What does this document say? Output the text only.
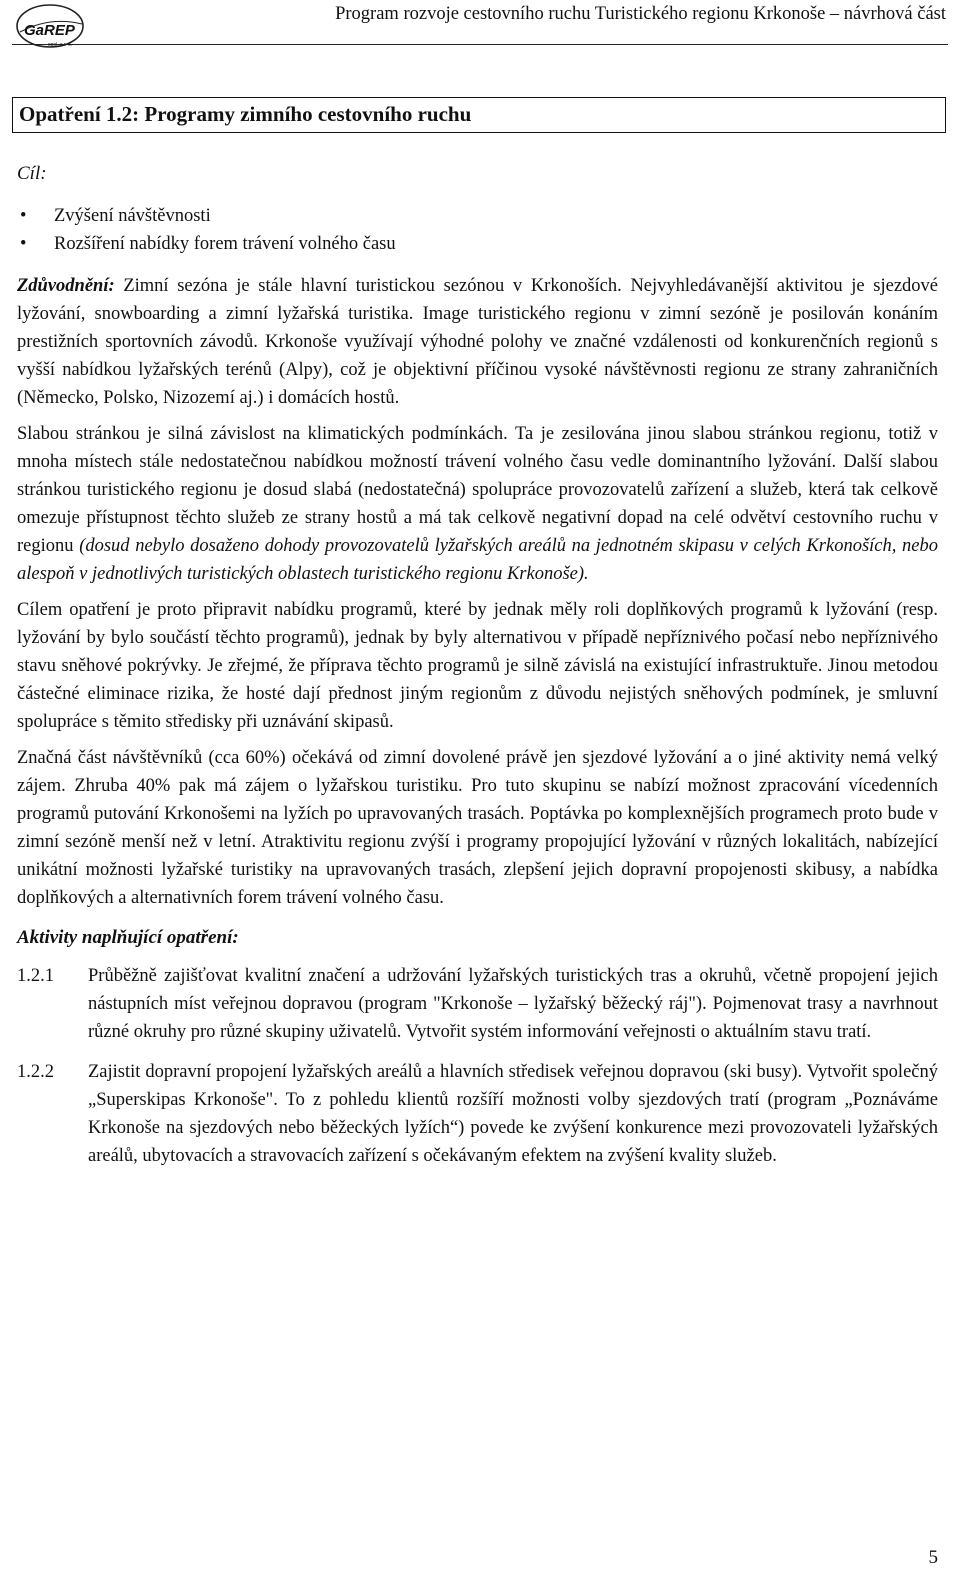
GaREP
spol. s r. o.
Program rozvoje cestovního ruchu Turistického regionu Krkonoše – návrhová část
Opatření 1.2: Programy zimního cestovního ruchu
Cíl:
• Zvýšení návštěvnosti
• Rozšíření nabídky forem trávení volného času

Zdůvodnění: Zimní sezóna je stále hlavní turistickou sezónou v Krkonoších. Nejvyhledávanější aktivitou je sjezdové lyžování, snowboarding a zimní lyžařská turistika. Image turistického regionu v zimní sezóně je posilován konáním prestižních sportovních závodů. Krkonoše využívají výhodné polohy ve značné vzdálenosti od konkurenčních regionů s vyšší nabídkou lyžařských terénů (Alpy), což je objektivní příčinou vysoké návštěvnosti regionu ze strany zahraničních (Německo, Polsko, Nizozemí aj.) i domácích hostů.

Slabou stránkou je silná závislost na klimatických podmínkách. Ta je zesilována jinou slabou stránkou regionu, totiž v mnoha místech stále nedostatečnou nabídkou možností trávení volného času vedle dominantního lyžování. Další slabou stránkou turistického regionu je dosud slabá (nedostatečná) spolupráce provozovatelů zařízení a služeb, která tak celkově omezuje přístupnost těchto služeb ze strany hostů a má tak celkově negativní dopad na celé odvětví cestovního ruchu v regionu (dosud nebylo dosaženo dohody provozovatelů lyžařských areálů na jednotném skipasu v celých Krkonoších, nebo alespoň v jednotlivých turistických oblastech turistického regionu Krkonoše).

Cílem opatření je proto připravit nabídku programů, které by jednak měly roli doplňkových programů k lyžování (resp. lyžování by bylo součástí těchto programů), jednak by byly alternativou v případě nepříznivého počasí nebo nepříznivého stavu sněhové pokrývky. Je zřejmé, že příprava těchto programů je silně závislá na existující infrastruktuře. Jinou metodou částečné eliminace rizika, že hosté dají přednost jiným regionům z důvodu nejistých sněhových podmínek, je smluvní spolupráce s těmito středisky při uznávání skipasů.

Značná část návštěvníků (cca 60%) očekává od zimní dovolené právě jen sjezdové lyžování a o jiné aktivity nemá velký zájem. Zhruba 40% pak má zájem o lyžařskou turistiku. Pro tuto skupinu se nabízí možnost zpracování vícedenních programů putování Krkonošemi na lyžích po upravovaných trasách. Poptávka po komplexnějších programech proto bude v zimní sezóně menší než v letní. Atraktivitu regionu zvýší i programy propojující lyžování v různých lokalitách, nabízející unikátní možnosti lyžařské turistiky na upravovaných trasách, zlepšení jejich dopravní propojenosti skibusy, a nabídka doplňkových a alternativních forem trávení volného času.

Aktivity naplňující opatření:
1.2.1	Průběžně zajišťovat kvalitní značení a udržování lyžařských turistických tras a okruhů, včetně propojení jejich nástupních míst veřejnou dopravou (program "Krkonoše – lyžařský běžecký ráj"). Pojmenovat trasy a navrhnout různé okruhy pro různé skupiny uživatelů. Vytvořit systém informování veřejnosti o aktuálním stavu tratí.
1.2.2	Zajistit dopravní propojení lyžařských areálů a hlavních středisek veřejnou dopravou (ski busy). Vytvořit společný „Superskipas Krkonoše". To z pohledu klientů rozšíří možnosti volby sjezdových tratí (program „Poznáváme Krkonoše na sjezdových nebo běžeckých lyžích“) povede ke zvýšení konkurence mezi provozovateli lyžařských areálů, ubytovacích a stravovacích zařízení s očekávaným efektem na zvýšení kvality služeb.
5
